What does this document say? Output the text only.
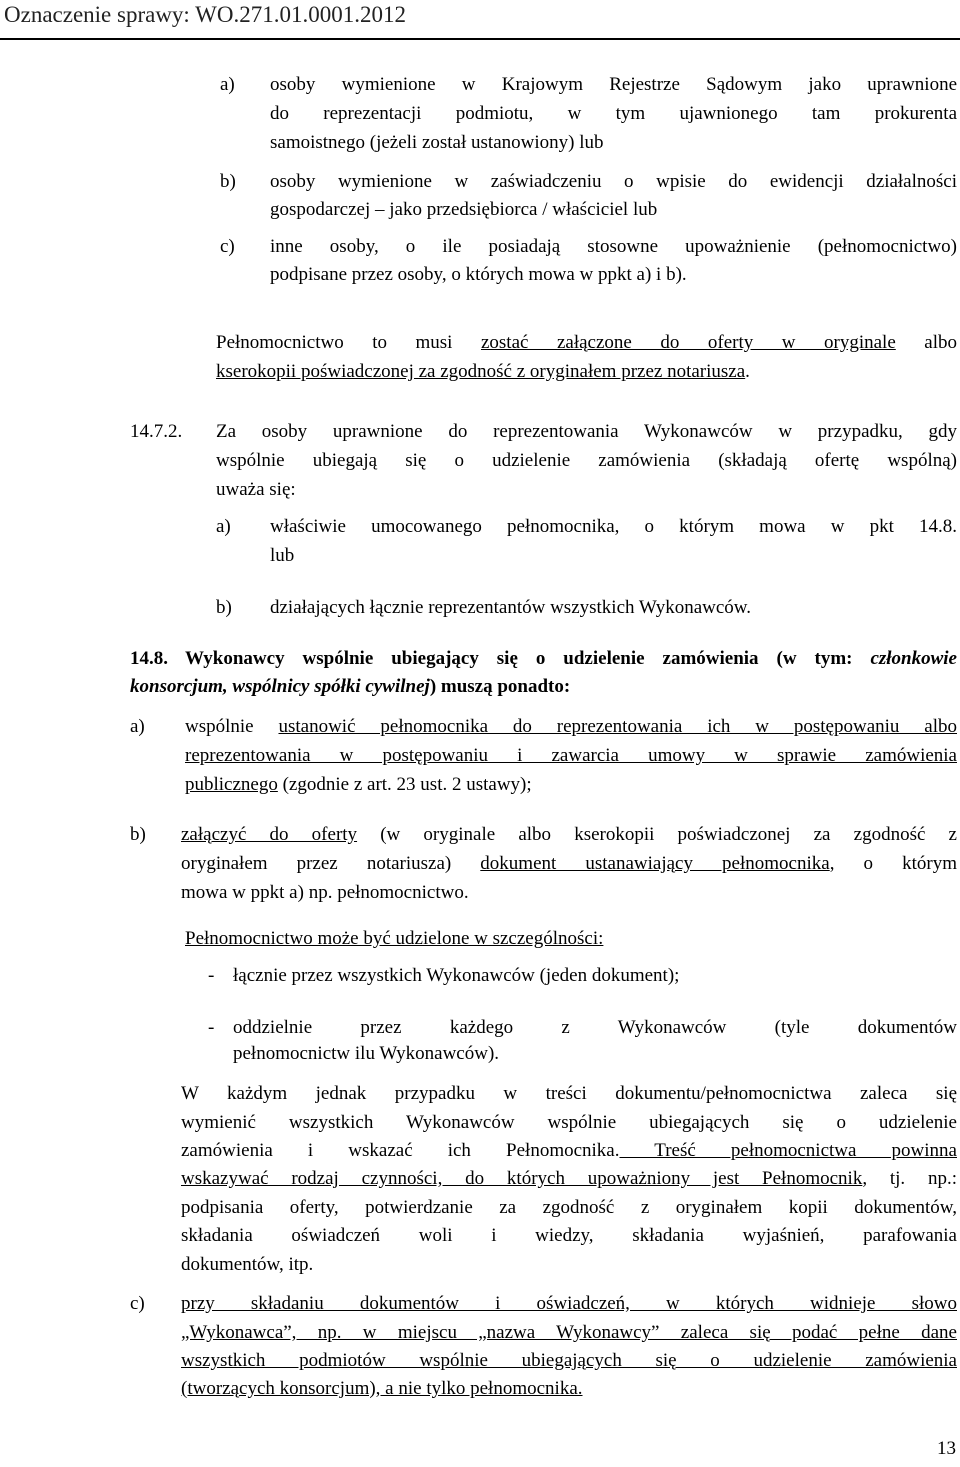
Oznaczenie sprawy: WO.271.01.0001.2012
a) osoby wymienione w Krajowym Rejestrze Sądowym jako uprawnione
do reprezentacji podmiotu, w tym ujawnionego tam prokurenta
samoistnego (jeżeli został ustanowiony) lub
b) osoby wymienione w zaświadczeniu o wpisie do ewidencji działalności
gospodarczej – jako przedsiębiorca / właściciel lub
c) inne osoby, o ile posiadają stosowne upoważnienie (pełnomocnictwo)
podpisane przez osoby, o których mowa w ppkt a) i b).
Pełnomocnictwo to musi zostać załączone do oferty w oryginale albo
kserokopii poświadczonej za zgodność z oryginałem przez notariusza.
14.7.2. Za osoby uprawnione do reprezentowania Wykonawców w przypadku, gdy
wspólnie ubiegają się o udzielenie zamówienia (składają ofertę wspólną)
uważa się:
a) właściwie umocowanego pełnomocnika, o którym mowa w pkt 14.8.
lub
b) działających łącznie reprezentantów wszystkich Wykonawców.
14.8. Wykonawcy wspólnie ubiegający się o udzielenie zamówienia (w tym: członkowie
konsorcjum, wspólnicy spółki cywilnej) muszą ponadto:
a) wspólnie ustanowić pełnomocnika do reprezentowania ich w postępowaniu albo
reprezentowania w postępowaniu i zawarcia umowy w sprawie zamówienia
publicznego (zgodnie z art. 23 ust. 2 ustawy);
b) załączyć do oferty (w oryginale albo kserokopii poświadczonej za zgodność z
oryginałem przez notariusza) dokument ustanawiający pełnomocnika, o którym
mowa w ppkt a) np. pełnomocnictwo.
Pełnomocnictwo może być udzielone w szczególności:
- łącznie przez wszystkich Wykonawców (jeden dokument);
- oddzielnie przez każdego z Wykonawców (tyle dokumentów
pełnomocnictw ilu Wykonawców).
W każdym jednak przypadku w treści dokumentu/pełnomocnictwa zaleca się
wymienić wszystkich Wykonawców wspólnie ubiegających się o udzielenie
zamówienia i wskazać ich Pełnomocnika. Treść pełnomocnictwa powinna
wskazywać rodzaj czynności, do których upoważniony jest Pełnomocnik, tj. np.:
podpisania oferty, potwierdzanie za zgodność z oryginałem kopii dokumentów,
składania oświadczeń woli i wiedzy, składania wyjaśnień, parafowania
dokumentów, itp.
c) przy składaniu dokumentów i oświadczeń, w których widnieje słowo
„Wykonawca”, np. w miejscu „nazwa Wykonawcy” zaleca się podać pełne dane
wszystkich podmiotów wspólnie ubiegających się o udzielenie zamówienia
(tworzących konsorcjum), a nie tylko pełnomocnika.
13
